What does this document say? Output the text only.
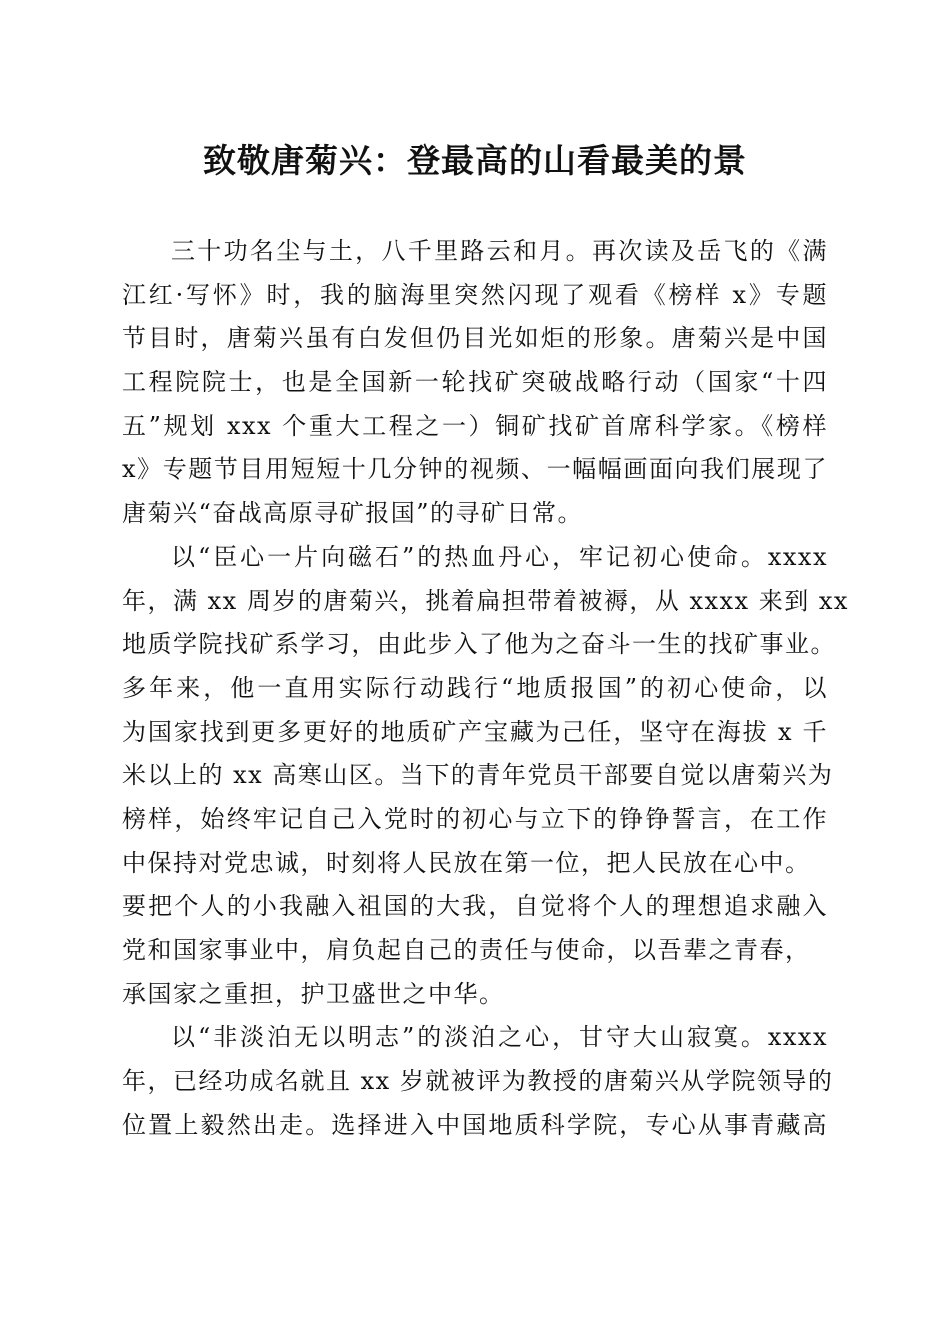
致敬唐菊兴：登最高的山看最美的景
三十功名尘与土，八千里路云和月。再次读及岳飞的《满
江红·写怀》时，我的脑海里突然闪现了观看《榜样 x》专题
节目时，唐菊兴虽有白发但仍目光如炬的形象。唐菊兴是中国
工程院院士，也是全国新一轮找矿突破战略行动（国家“十四
五”规划 xxx 个重大工程之一）铜矿找矿首席科学家。《榜样
x》专题节目用短短十几分钟的视频、一幅幅画面向我们展现了
唐菊兴“奋战高原寻矿报国”的寻矿日常。
以“臣心一片向磁石”的热血丹心，牢记初心使命。xxxx
年，满 xx 周岁的唐菊兴，挑着扁担带着被褥，从 xxxx 来到 xx
地质学院找矿系学习，由此步入了他为之奋斗一生的找矿事业。
多年来，他一直用实际行动践行“地质报国”的初心使命，以
为国家找到更多更好的地质矿产宝藏为己任，坚守在海拔 x 千
米以上的 xx 高寒山区。当下的青年党员干部要自觉以唐菊兴为
榜样，始终牢记自己入党时的初心与立下的铮铮誓言，在工作
中保持对党忠诚，时刻将人民放在第一位，把人民放在心中。
要把个人的小我融入祖国的大我，自觉将个人的理想追求融入
党和国家事业中，肩负起自己的责任与使命，以吾辈之青春，
承国家之重担，护卫盛世之中华。
以“非淡泊无以明志”的淡泊之心，甘守大山寂寞。xxxx
年，已经功成名就且 xx 岁就被评为教授的唐菊兴从学院领导的
位置上毅然出走。选择进入中国地质科学院，专心从事青藏高
